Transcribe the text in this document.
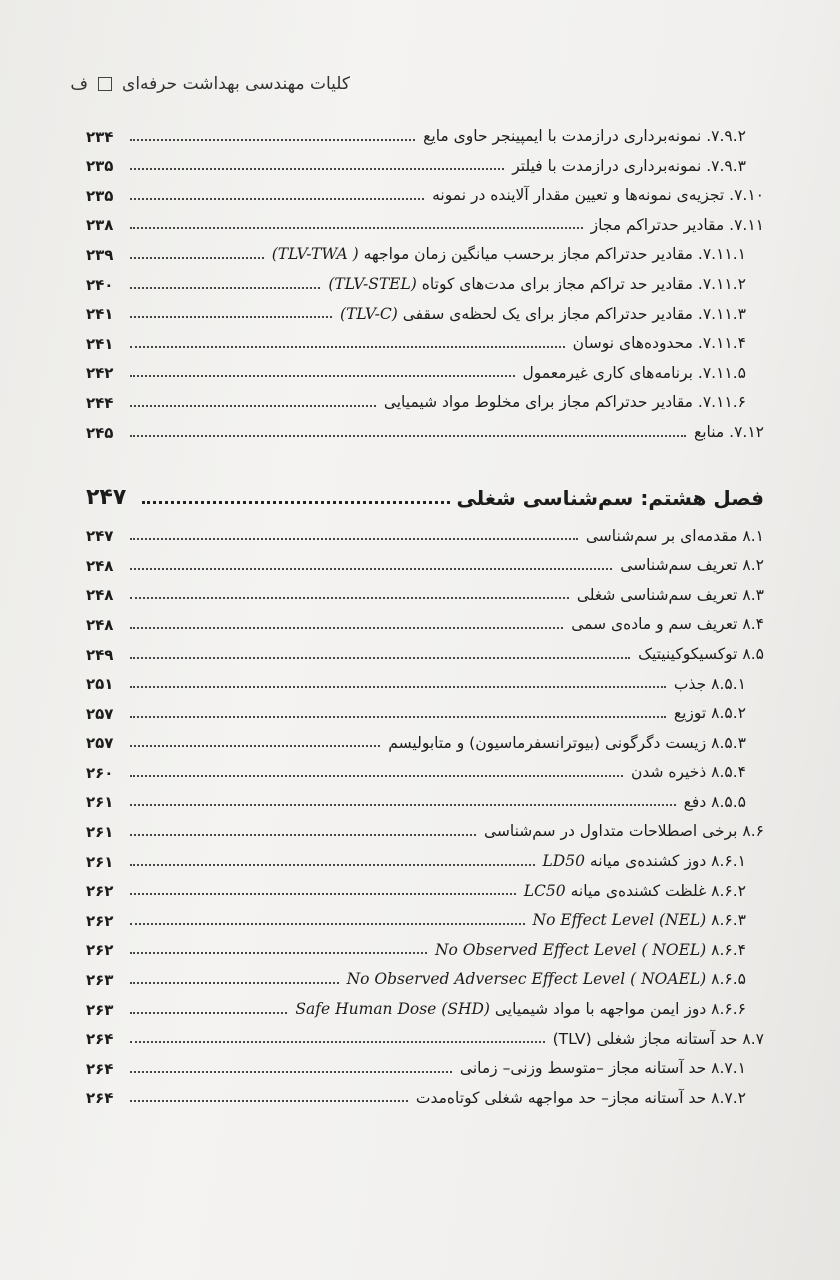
کلیات مهندسی بهداشت حرفه‌ای
ف
۷.۹.۲. نمونه‌برداری درازمدت با ایمپینجر حاوی مایع
۲۳۴
۷.۹.۳. نمونه‌برداری درازمدت با فیلتر
۲۳۵
۷.۱۰. تجزیه‌ی نمونه‌ها و تعیین مقدار آلاینده در نمونه
۲۳۵
۷.۱۱. مقادیر حدتراکم مجاز
۲۳۸
۷.۱۱.۱. مقادیر حدتراکم مجاز برحسب میانگین زمان مواجهه (TLV-TWA )
۲۳۹
۷.۱۱.۲. مقادیر حد تراکم مجاز برای مدت‌های کوتاه (TLV-STEL)
۲۴۰
۷.۱۱.۳. مقادیر حدتراکم مجاز برای یک لحظه‌ی سقفی (TLV-C)
۲۴۱
۷.۱۱.۴. محدوده‌های نوسان
۲۴۱
۷.۱۱.۵. برنامه‌های کاری غیرمعمول
۲۴۲
۷.۱۱.۶. مقادیر حدتراکم مجاز برای مخلوط مواد شیمیایی
۲۴۴
۷.۱۲. منابع
۲۴۵
فصل هشتم: سم‌شناسی شغلی
۲۴۷
۸.۱ مقدمه‌ای بر سم‌شناسی
۲۴۷
۸.۲ تعریف سم‌شناسی
۲۴۸
۸.۳ تعریف سم‌شناسی شغلی
۲۴۸
۸.۴ تعریف سم و ماده‌ی سمی
۲۴۸
۸.۵ توکسیکوکینیتیک
۲۴۹
۸.۵.۱ جذب
۲۵۱
۸.۵.۲ توزیع
۲۵۷
۸.۵.۳ زیست دگرگونی (بیوترانسفرماسیون) و متابولیسم
۲۵۷
۸.۵.۴ ذخیره شدن
۲۶۰
۸.۵.۵ دفع
۲۶۱
۸.۶ برخی اصطلاحات متداول در سم‌شناسی
۲۶۱
۸.۶.۱ دوز کشنده‌ی میانه LD50
۲۶۱
۸.۶.۲ غلظت کشنده‌ی میانه LC50
۲۶۲
۸.۶.۳ No Effect Level (NEL)
۲۶۲
۸.۶.۴ No Observed Effect Level ( NOEL)
۲۶۲
۸.۶.۵ No Observed Adversec Effect Level ( NOAEL)
۲۶۳
۸.۶.۶ دوز ایمن مواجهه با مواد شیمیایی Safe Human Dose (SHD)
۲۶۳
۸.۷ حد آستانه مجاز شغلی (TLV)
۲۶۴
۸.۷.۱ حد آستانه مجاز –متوسط وزنی– زمانی
۲۶۴
۸.۷.۲ حد آستانه مجاز– حد مواجهه شغلی کوتاه‌مدت
۲۶۴
